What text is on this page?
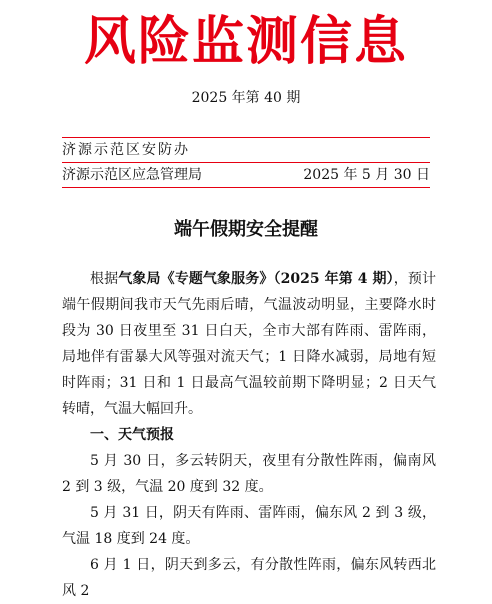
风险监测信息
2025 年第 40 期
济源示范区安防办
济源示范区应急管理局	2025 年 5 月 30 日
端午假期安全提醒

根据气象局《专题气象服务》（2025 年第 4 期），预计端午假期间我市天气先雨后晴，气温波动明显，主要降水时段为 30 日夜里至 31 日白天，全市大部有阵雨、雷阵雨，局地伴有雷暴大风等强对流天气；1 日降水减弱，局地有短时阵雨；31 日和 1 日最高气温较前期下降明显；2 日天气转晴，气温大幅回升。

一、天气预报

5 月 30 日，多云转阴天，夜里有分散性阵雨，偏南风 2 到 3 级，气温 20 度到 32 度。

5 月 31 日，阴天有阵雨、雷阵雨，偏东风 2 到 3 级，气温 18 度到 24 度。

6 月 1 日，阴天到多云，有分散性阵雨，偏东风转西北风 2
